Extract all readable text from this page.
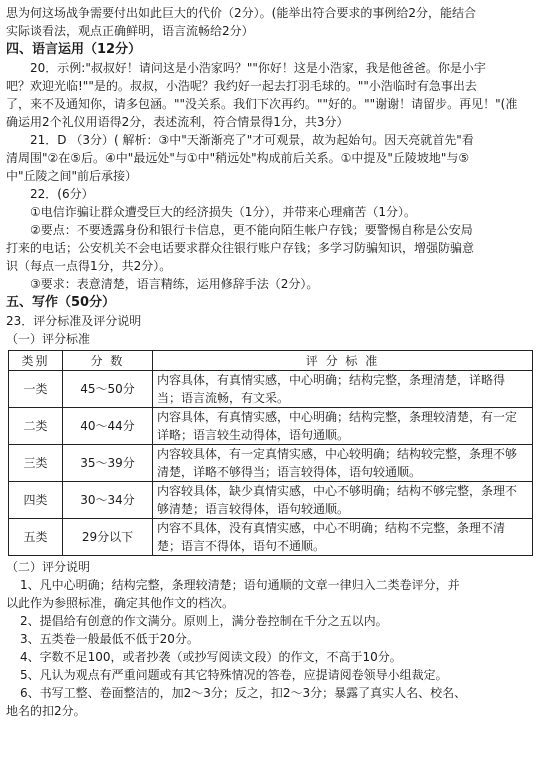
思为何这场战争需要付出如此巨大的代价（2分）。(能举出符合要求的事例给2分，能结合
实际谈看法，观点正确鲜明，语言流畅给2分）
四、语言运用（12分）
20．示例:"叔叔好！请问这是小浩家吗？""你好！这是小浩家，我是他爸爸。你是小宇
吧？欢迎光临!""是的。叔叔，小浩呢？我约好一起去打羽毛球的。""小浩临时有急事出去
了，来不及通知你，请多包涵。""没关系。我们下次再约。""好的。""谢谢！请留步。再见！"(准
确运用2个礼仪用语得2分，表述流利，符合情景得1分，共3分）
21．D （3分）( 解析：③中"天渐渐亮了"才可观景，故为起始句。因天亮就首先"看
清周围"②在⑤后。④中"最远处"与①中"稍远处"构成前后关系。①中提及"丘陵坡地"与⑤
中"丘陵之间"前后承接）
22．(6分）
①电信诈骗让群众遭受巨大的经济损失（1分），并带来心理痛苦（1分）。
②要点：不要透露身份和银行卡信息，更不能向陌生帐户存钱；要警惕自称是公安局
打来的电话；公安机关不会电话要求群众往银行账户存钱；多学习防骗知识，增强防骗意
识（每点一点得1分，共2分）。
③要求：表意清楚，语言精练，运用修辞手法（2分）。
五、写作（50分）
23．评分标准及评分说明
（一）评分标准
类别	分 数	评 分 标 准
一类	45～50分	内容具体，有真情实感，中心明确；结构完整，条理清楚，详略得当；语言流畅，有文采。
二类	40～44分	内容具体，有真情实感，中心明确；结构完整，条理较清楚，有一定详略；语言较生动得体，语句通顺。
三类	35～39分	内容较具体，有一定真情实感，中心较明确；结构较完整，条理不够清楚，详略不够得当；语言较得体，语句较通顺。
四类	30～34分	内容较具体，缺少真情实感，中心不够明确；结构不够完整，条理不够清楚；语言较得体，语句较通顺。
五类	29分以下	内容不具体，没有真情实感，中心不明确；结构不完整，条理不清楚；语言不得体，语句不通顺。
（二）评分说明
1、凡中心明确；结构完整，条理较清楚；语句通顺的文章一律归入二类卷评分，并
以此作为参照标准，确定其他作文的档次。
2、提倡给有创意的作文满分。原则上，满分卷控制在千分之五以内。
3、五类卷一般最低不低于20分。
4、字数不足100，或者抄袭（或抄写阅读文段）的作文，不高于10分。
5、凡认为观点有严重问题或有其它特殊情况的答卷，应提请阅卷领导小组裁定。
6、书写工整、卷面整洁的，加2～3分；反之，扣2～3分；暴露了真实人名、校名、
地名的扣2分。
